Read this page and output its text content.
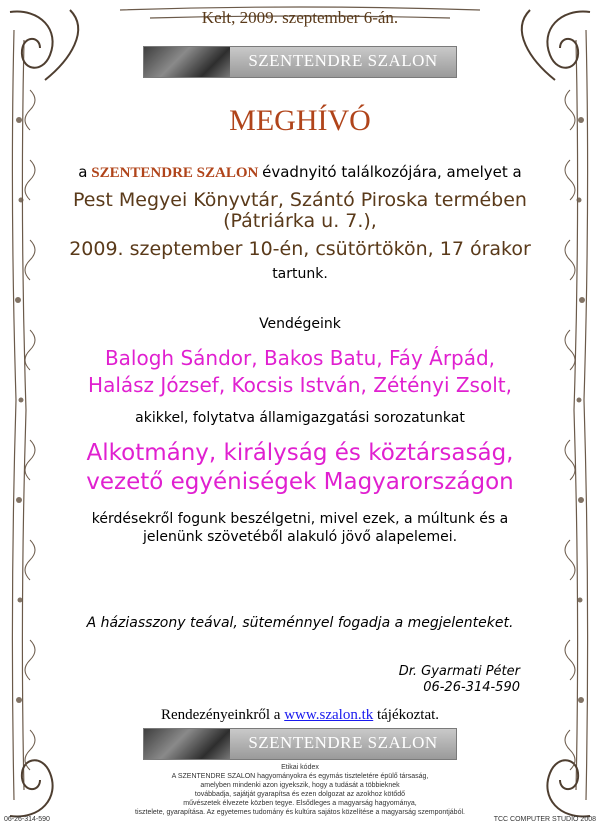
Kelt, 2009. szeptember 6-án.
SZENTENDRE SZALON
MEGHÍVÓ
a SZENTENDRE SZALON évadnyitó találkozójára, amelyet a
Pest Megyei Könyvtár, Szántó Piroska termében
(Pátriárka u. 7.),
2009. szeptember 10-én, csütörtökön, 17 órakor
tartunk.
Vendégeink
Balogh Sándor, Bakos Batu, Fáy Árpád,
Halász József, Kocsis István, Zétényi Zsolt,
akikkel, folytatva államigazgatási sorozatunkat
Alkotmány, királyság és köztársaság,
vezető egyéniségek Magyarországon
kérdésekről fogunk beszélgetni, mivel ezek, a múltunk és a
jelenünk szövetéből alakuló jövő alapelemei.
A háziasszony teával, süteménnyel fogadja a megjelenteket.
Dr. Gyarmati Péter
06-26-314-590
Rendezényeinkről a www.szalon.tk tájékoztat.
SZENTENDRE SZALON
Etikai kódex
A SZENTENDRE SZALON hagyományokra és egymás tiszteletére épülő társaság,
amelyben mindenki azon igyekszik, hogy a tudását a többieknek
továbbadja, sajátját gyarapítsa és ezen dolgozat az azokhoz kötődő
művészetek élvezete közben tegye. Elsődleges a magyarság hagyománya,
tisztelete, gyarapítása. Az egyetemes tudomány és kultúra sajátos közelítése a magyarság szempontjából.
06-26-314-590	TCC COMPUTER STUDIO 2008
